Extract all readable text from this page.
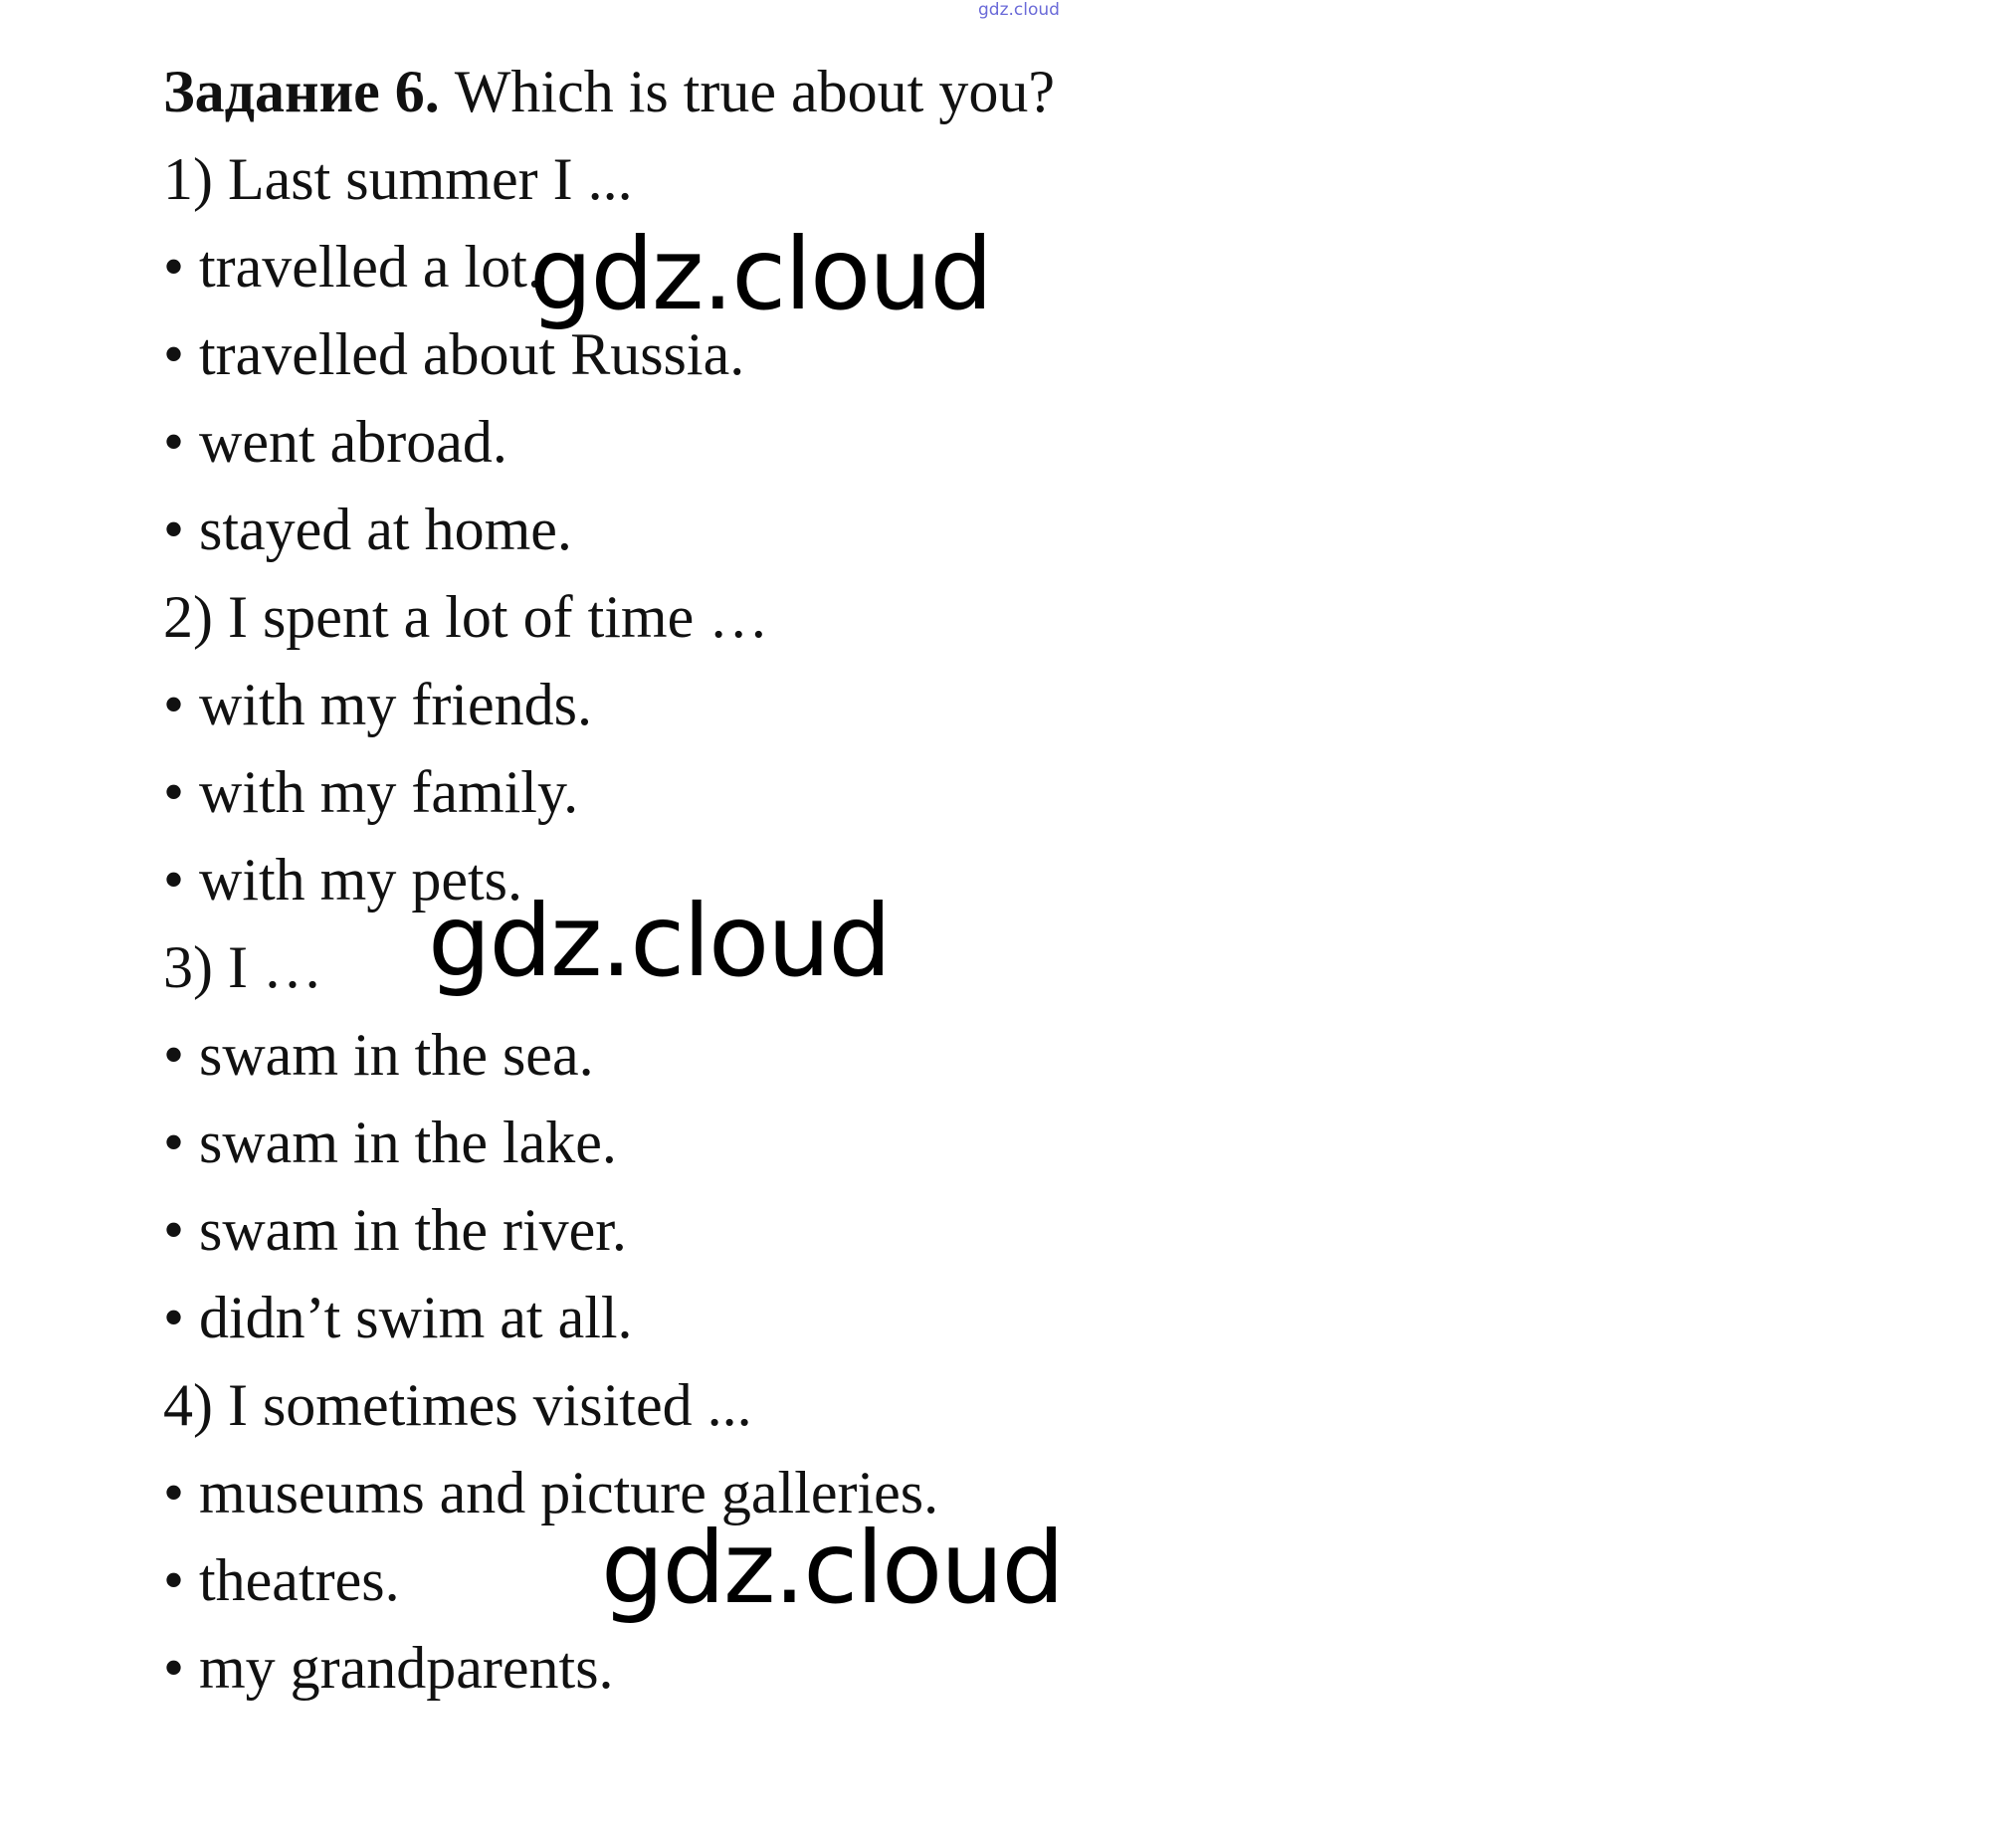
gdz.cloud
Задание 6. Which is true about you?
1) Last summer I ...
• travelled a lot.
• travelled about Russia.
• went abroad.
• stayed at home.
2) I spent a lot of time …
• with my friends.
• with my family.
• with my pets.
3) I …
• swam in the sea.
• swam in the lake.
• swam in the river.
• didn’t swim at all.
4) I sometimes visited ...
• museums and picture galleries.
• theatres.
• my grandparents.
gdz.cloud
gdz.cloud
gdz.cloud
